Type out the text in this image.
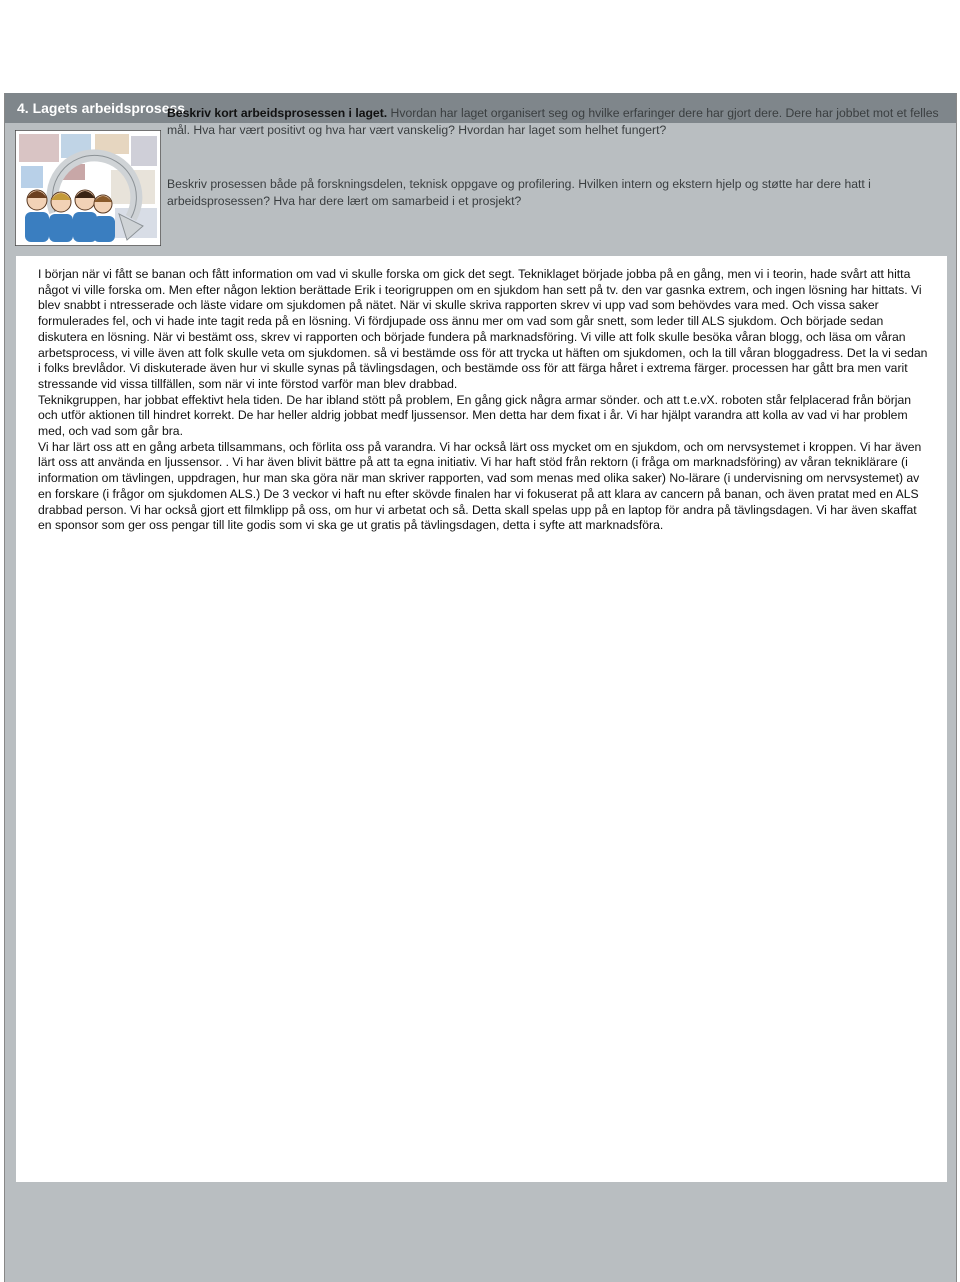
4. Lagets arbeidsprosess
Beskriv kort arbeidsprosessen i laget. Hvordan har laget organisert seg og hvilke erfaringer dere har gjort dere. Dere har jobbet mot et felles mål. Hva har vært positivt og hva har vært vanskelig? Hvordan har laget som helhet fungert?
Beskriv prosessen både på forskningsdelen, teknisk oppgave og profilering. Hvilken intern og ekstern hjelp og støtte har dere hatt i arbeidsprosessen? Hva har dere lært om samarbeid i et prosjekt?
I början när vi fått se banan och fått information om vad vi skulle forska om gick det segt. Tekniklaget började jobba på en gång, men vi i teorin, hade svårt att hitta något vi ville forska om. Men efter någon lektion berättade Erik i teorigruppen om en sjukdom han sett på tv. den var gasnka extrem, och ingen lösning har hittats. Vi blev snabbt i ntresserade och läste vidare om sjukdomen på nätet. När vi skulle skriva rapporten skrev vi upp vad som behövdes vara med. Och vissa saker formulerades fel, och vi hade inte tagit reda på en lösning. Vi fördjupade oss ännu mer om vad som går snett, som leder till ALS sjukdom. Och började sedan diskutera en lösning. När vi bestämt oss, skrev vi rapporten och började fundera på marknadsföring. Vi ville att folk skulle besöka våran blogg, och läsa om våran arbetsprocess, vi ville även att folk skulle veta om sjukdomen. så vi bestämde oss för att trycka ut häften om sjukdomen, och la till våran bloggadress. Det la vi sedan i folks brevlådor. Vi diskuterade även hur vi skulle synas på tävlingsdagen, och bestämde oss för att färga håret i extrema färger. processen har gått bra men varit stressande vid vissa tillfällen, som när vi inte förstod varför man blev drabbad.
Teknikgruppen, har jobbat effektivt hela tiden. De har ibland stött på problem, En gång gick några armar sönder. och att t.e.vX. roboten står felplacerad från början och utför aktionen till hindret korrekt. De har heller aldrig jobbat medf ljussensor. Men detta har dem fixat i år. Vi har hjälpt varandra att kolla av vad vi har problem med, och vad som går bra.
Vi har lärt oss att en gång arbeta tillsammans, och förlita oss på varandra. Vi har också lärt oss mycket om en sjukdom, och om nervsystemet i kroppen. Vi har även lärt oss att använda en ljussensor. . Vi har även blivit bättre på att ta egna initiativ. Vi har haft stöd från rektorn (i fråga om marknadsföring) av våran tekniklärare (i information om tävlingen, uppdragen, hur man ska göra när man skriver rapporten, vad som menas med olika saker) No-lärare (i undervisning om nervsystemet) av en forskare (i frågor om sjukdomen ALS.) De 3 veckor vi haft nu efter skövde finalen har vi fokuserat på att klara av cancern på banan, och även pratat med en ALS drabbad person. Vi har också gjort ett filmklipp på oss, om hur vi arbetat och så. Detta skall spelas upp på en laptop för andra på tävlingsdagen. Vi har även skaffat en sponsor som ger oss pengar till lite godis som vi ska ge ut gratis på tävlingsdagen, detta i syfte att marknadsföra.
